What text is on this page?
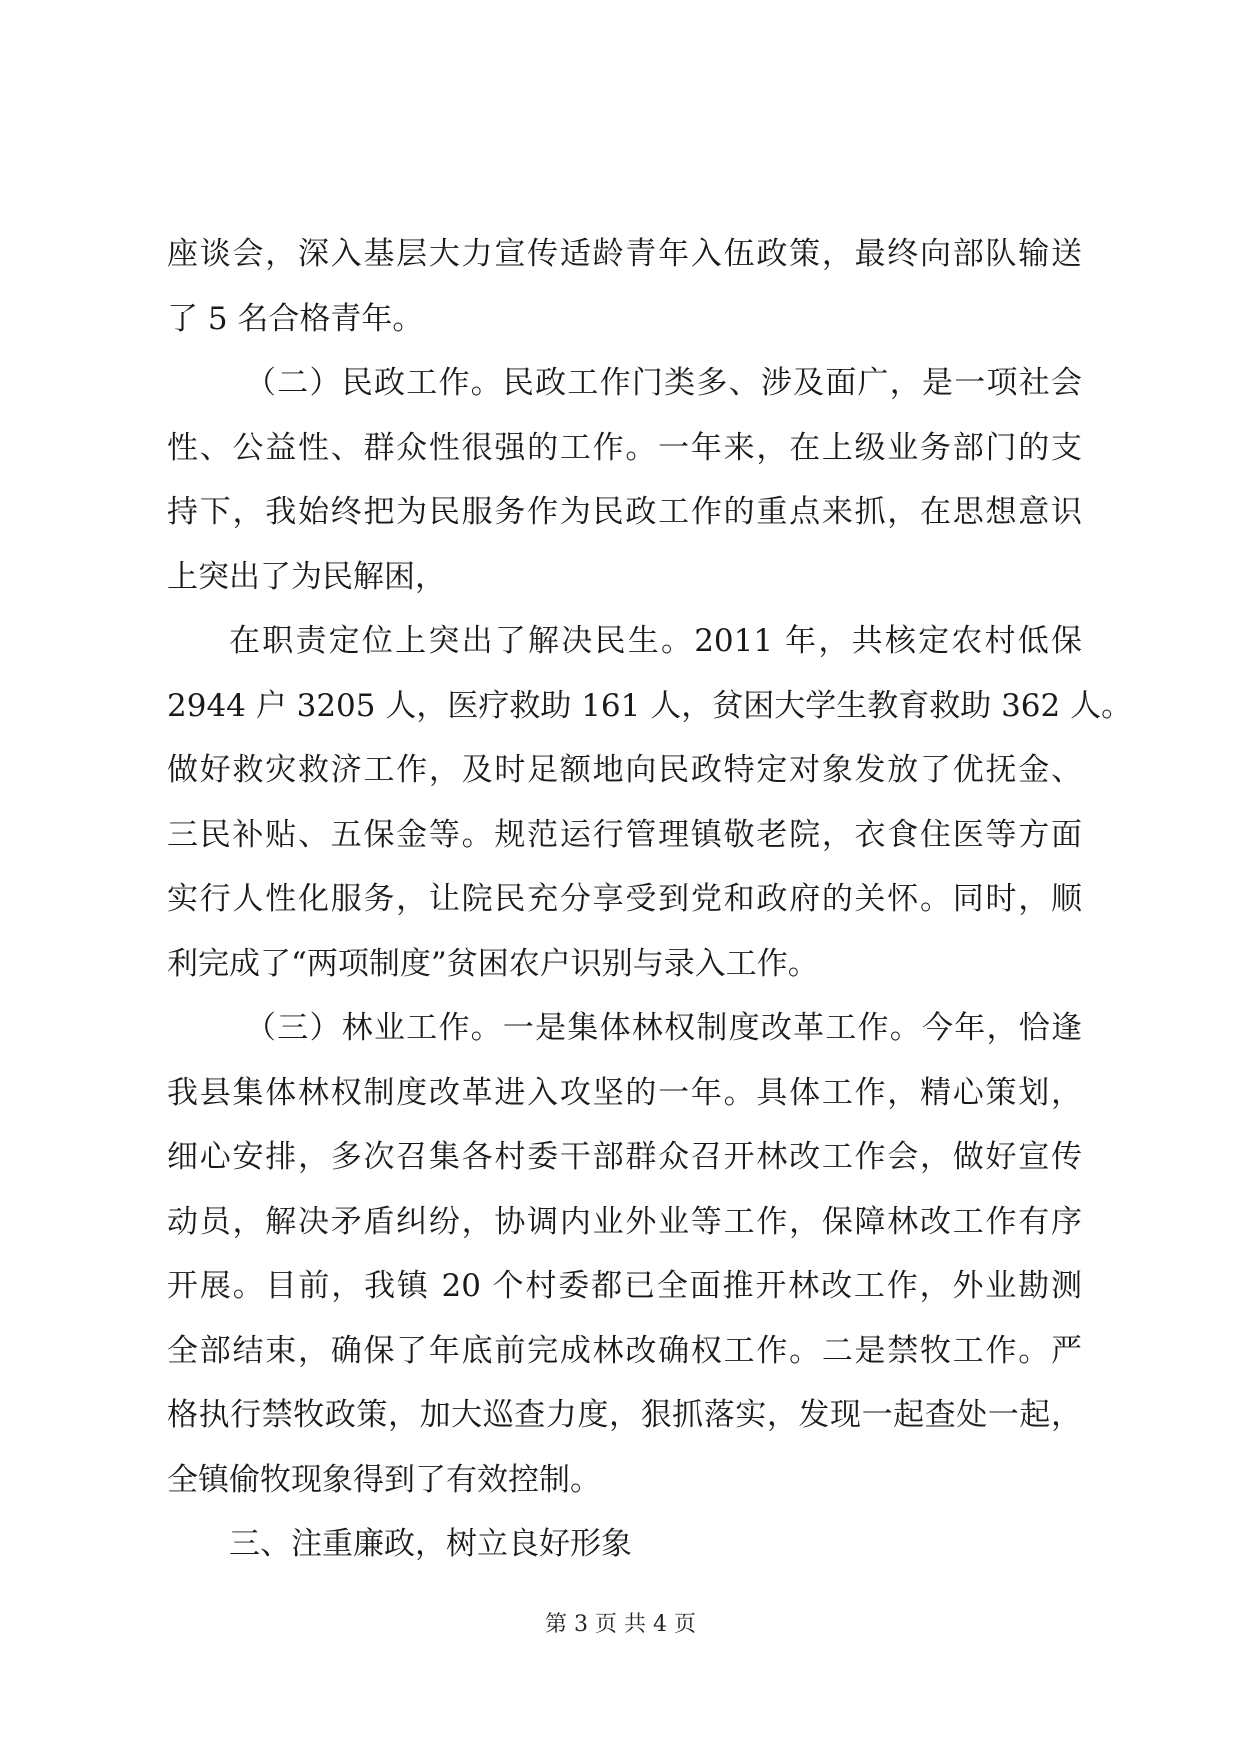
座谈会，深入基层大力宣传适龄青年入伍政策，最终向部队输送
了 5 名合格青年。
（二）民政工作。民政工作门类多、涉及面广，是一项社会
性、公益性、群众性很强的工作。一年来，在上级业务部门的支
持下，我始终把为民服务作为民政工作的重点来抓，在思想意识
上突出了为民解困，
在职责定位上突出了解决民生。2011 年，共核定农村低保
2944 户 3205 人，医疗救助 161 人，贫困大学生教育救助 362 人。
做好救灾救济工作，及时足额地向民政特定对象发放了优抚金、
三民补贴、五保金等。规范运行管理镇敬老院，衣食住医等方面
实行人性化服务，让院民充分享受到党和政府的关怀。同时，顺
利完成了“两项制度”贫困农户识别与录入工作。
（三）林业工作。一是集体林权制度改革工作。今年，恰逢
我县集体林权制度改革进入攻坚的一年。具体工作，精心策划，
细心安排，多次召集各村委干部群众召开林改工作会，做好宣传
动员，解决矛盾纠纷，协调内业外业等工作，保障林改工作有序
开展。目前，我镇 20 个村委都已全面推开林改工作，外业勘测
全部结束，确保了年底前完成林改确权工作。二是禁牧工作。严
格执行禁牧政策，加大巡查力度，狠抓落实，发现一起查处一起，
全镇偷牧现象得到了有效控制。
三、注重廉政，树立良好形象
第 3 页 共 4 页
